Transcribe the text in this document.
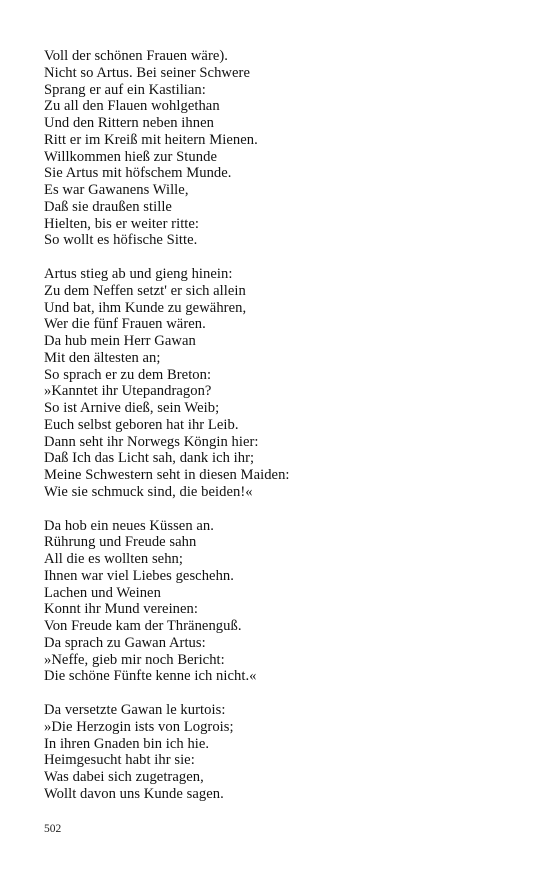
Voll der schönen Frauen wäre).
Nicht so Artus. Bei seiner Schwere
Sprang er auf ein Kastilian:
Zu all den Flauen wohlgethan
Und den Rittern neben ihnen
Ritt er im Kreiß mit heitern Mienen.
Willkommen hieß zur Stunde
Sie Artus mit höfschem Munde.
Es war Gawanens Wille,
Daß sie draußen stille
Hielten, bis er weiter ritte:
So wollt es höfische Sitte.
Artus stieg ab und gieng hinein:
Zu dem Neffen setzt' er sich allein
Und bat, ihm Kunde zu gewähren,
Wer die fünf Frauen wären.
Da hub mein Herr Gawan
Mit den ältesten an;
So sprach er zu dem Breton:
»Kanntet ihr Utepandragon?
So ist Arnive dieß, sein Weib;
Euch selbst geboren hat ihr Leib.
Dann seht ihr Norwegs Köngin hier:
Daß Ich das Licht sah, dank ich ihr;
Meine Schwestern seht in diesen Maiden:
Wie sie schmuck sind, die beiden!«
Da hob ein neues Küssen an.
Rührung und Freude sahn
All die es wollten sehn;
Ihnen war viel Liebes geschehn.
Lachen und Weinen
Konnt ihr Mund vereinen:
Von Freude kam der Thränenguß.
Da sprach zu Gawan Artus:
»Neffe, gieb mir noch Bericht:
Die schöne Fünfte kenne ich nicht.«
Da versetzte Gawan le kurtois:
»Die Herzogin ists von Logrois;
In ihren Gnaden bin ich hie.
Heimgesucht habt ihr sie:
Was dabei sich zugetragen,
Wollt davon uns Kunde sagen.
502
